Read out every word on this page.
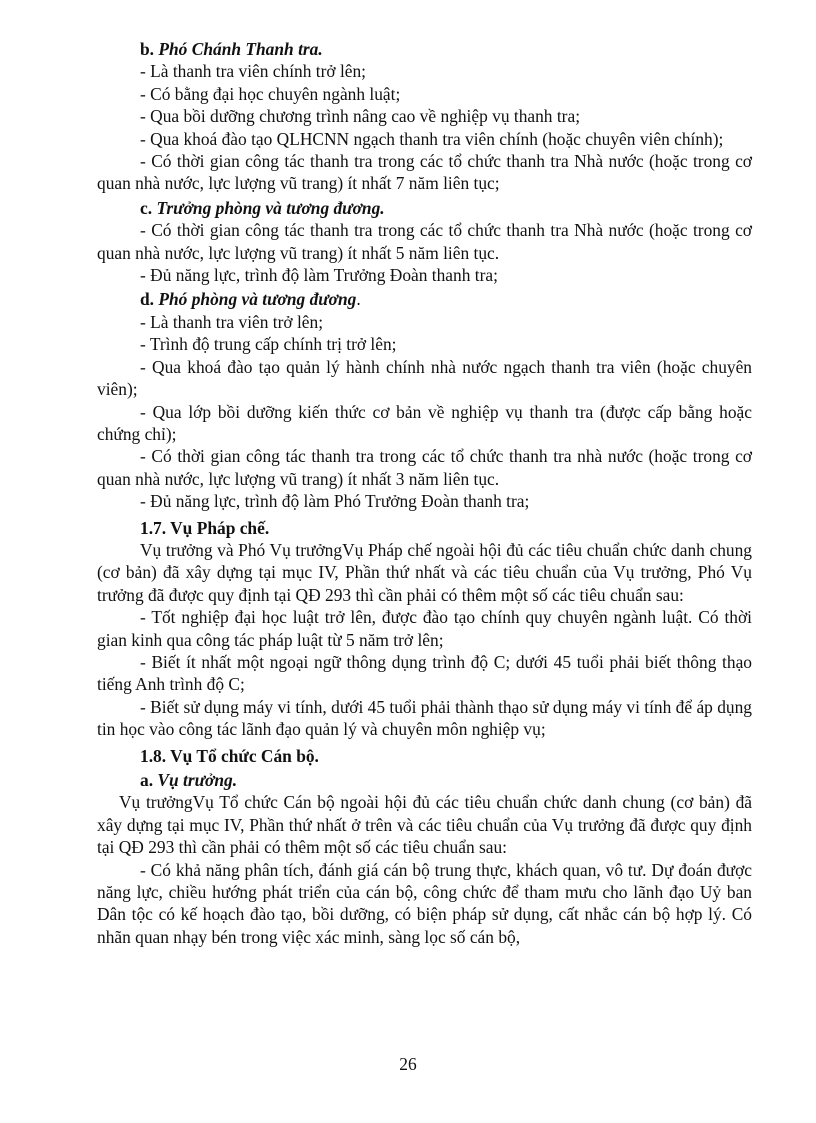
b. Phó Chánh Thanh tra.

- Là thanh tra viên chính trở lên;

- Có bằng đại học chuyên ngành luật;

- Qua bồi dưỡng chương trình nâng cao về nghiệp vụ thanh tra;

- Qua khoá đào tạo QLHCNN ngạch thanh tra viên chính (hoặc chuyên viên chính);

- Có thời gian công tác thanh tra trong các tổ chức thanh tra Nhà nước (hoặc trong cơ quan nhà nước, lực lượng vũ trang) ít nhất 7 năm liên tục;

c. Trưởng phòng và tương đương.

- Có thời gian công tác thanh tra trong các tổ chức thanh tra Nhà nước (hoặc trong cơ quan nhà nước, lực lượng vũ trang) ít nhất 5 năm liên tục.

- Đủ năng lực, trình độ làm Trưởng Đoàn thanh tra;

d. Phó phòng và tương đương.

- Là thanh tra viên trở lên;

- Trình độ trung cấp chính trị trở lên;

- Qua khoá đào tạo quản lý hành chính nhà nước ngạch thanh tra viên (hoặc chuyên viên);

- Qua lớp bồi dưỡng kiến thức cơ bản về nghiệp vụ thanh tra (được cấp bằng hoặc chứng chỉ);

- Có thời gian công tác thanh tra trong các tổ chức thanh tra nhà nước (hoặc trong cơ quan nhà nước, lực lượng vũ trang) ít nhất 3 năm liên tục.

- Đủ năng lực, trình độ làm Phó Trưởng Đoàn thanh tra;

1.7. Vụ Pháp chế.

Vụ trưởng và Phó Vụ trưởngVụ Pháp chế ngoài hội đủ các tiêu chuẩn chức danh chung (cơ bản) đã xây dựng tại mục IV, Phần thứ nhất và các tiêu chuẩn của Vụ trưởng, Phó Vụ trưởng đã được quy định tại QĐ 293 thì cần phải có thêm một số các tiêu chuẩn sau:

- Tốt nghiệp đại học luật trở lên, được đào tạo chính quy chuyên ngành luật. Có thời gian kinh qua công tác pháp luật từ 5 năm trở lên;

- Biết ít nhất một ngoại ngữ thông dụng trình độ C; dưới 45 tuổi phải biết thông thạo tiếng Anh trình độ C;

- Biết sử dụng máy vi tính, dưới 45 tuổi phải thành thạo sử dụng máy vi tính để áp dụng tin học vào công tác lãnh đạo quản lý và chuyên môn nghiệp vụ;

1.8. Vụ Tổ chức Cán bộ.

a. Vụ trưởng.

Vụ trưởngVụ Tổ chức Cán bộ ngoài hội đủ các tiêu chuẩn chức danh chung (cơ bản) đã xây dựng tại mục IV, Phần thứ nhất ở trên và các tiêu chuẩn của Vụ trưởng đã được quy định tại QĐ 293 thì cần phải có thêm một số các tiêu chuẩn sau:

- Có khả năng phân tích, đánh giá cán bộ trung thực, khách quan, vô tư. Dự đoán được năng lực, chiều hướng phát triển của cán bộ, công chức để tham mưu cho lãnh đạo Uỷ ban Dân tộc có kế hoạch đào tạo, bồi dưỡng, có biện pháp sử dụng, cất nhắc cán bộ hợp lý. Có nhãn quan nhạy bén trong việc xác minh, sàng lọc số cán bộ,

26
